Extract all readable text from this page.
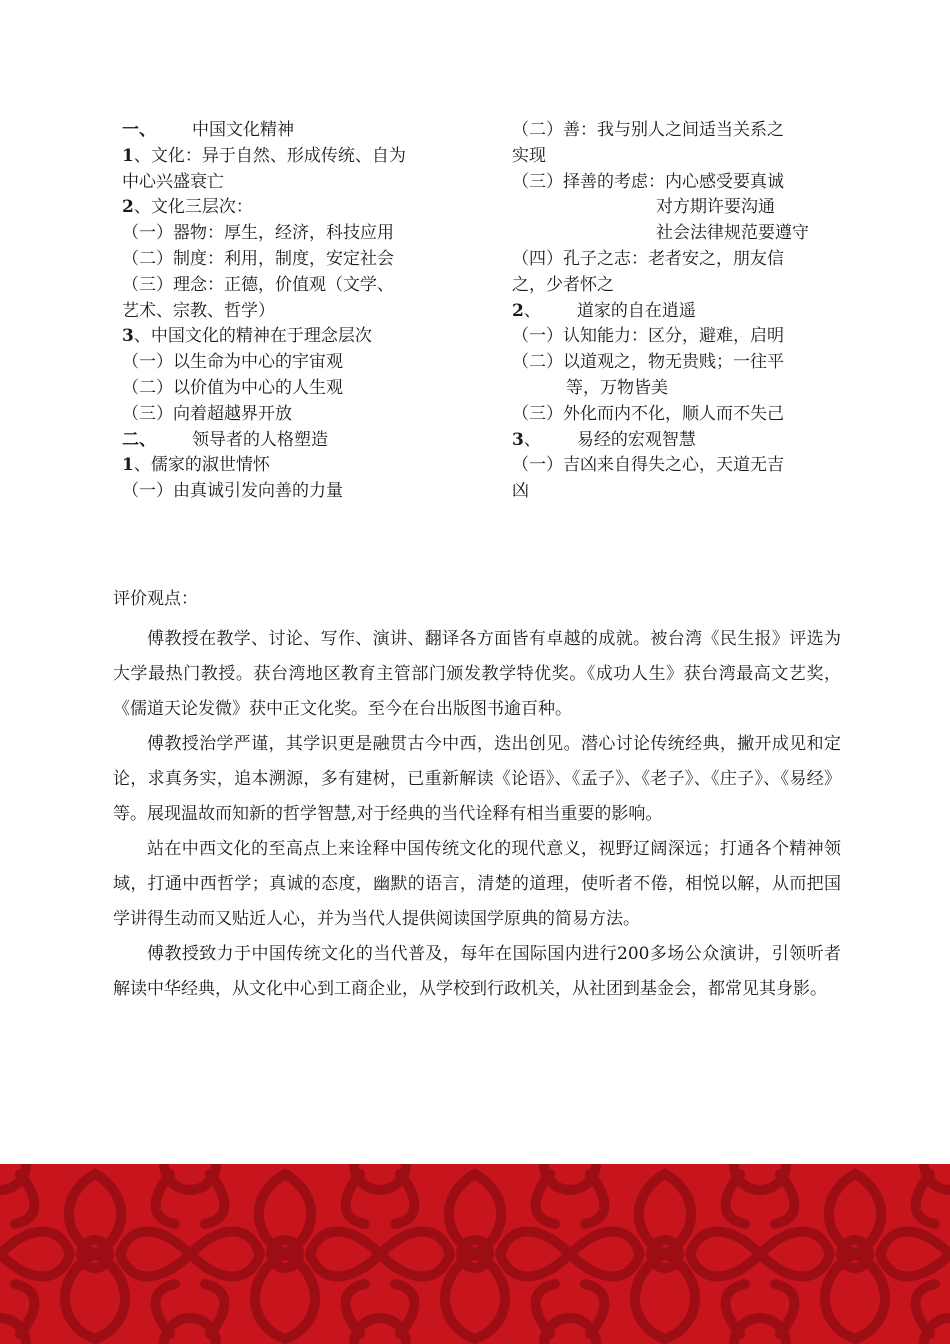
一、 中国文化精神
1、文化：异于自然、形成传统、自为
中心兴盛衰亡
2、文化三层次：
（一）器物：厚生，经济，科技应用
（二）制度：利用，制度，安定社会
（三）理念：正德，价值观（文学、
艺术、宗教、哲学）
3、中国文化的精神在于理念层次
（一）以生命为中心的宇宙观
（二）以价值为中心的人生观
（三）向着超越界开放
二、 领导者的人格塑造
1、儒家的淑世情怀
（一）由真诚引发向善的力量
（二）善：我与别人之间适当关系之
实现
（三）择善的考虑：内心感受要真诚
对方期许要沟通
社会法律规范要遵守
（四）孔子之志：老者安之，朋友信
之，少者怀之
2、 道家的自在逍遥
（一）认知能力：区分，避难，启明
（二）以道观之，物无贵贱；一往平
等，万物皆美
（三）外化而内不化，顺人而不失己
3、 易经的宏观智慧
（一）吉凶来自得失之心，天道无吉
凶
评价观点：

傅教授在教学、讨论、写作、演讲、翻译各方面皆有卓越的成就。被台湾《民生报》评选为大学最热门教授。获台湾地区教育主管部门颁发教学特优奖。《成功人生》获台湾最高文艺奖，《儒道天论发微》获中正文化奖。至今在台出版图书逾百种。

傅教授治学严谨，其学识更是融贯古今中西，迭出创见。潜心讨论传统经典，撇开成见和定论，求真务实，追本溯源，多有建树，已重新解读《论语》、《孟子》、《老子》、《庄子》、《易经》等。展现温故而知新的哲学智慧,对于经典的当代诠释有相当重要的影响。

站在中西文化的至高点上来诠释中国传统文化的现代意义，视野辽阔深远；打通各个精神领域，打通中西哲学；真诚的态度，幽默的语言，清楚的道理，使听者不倦，相悦以解，从而把国学讲得生动而又贴近人心，并为当代人提供阅读国学原典的简易方法。

傅教授致力于中国传统文化的当代普及，每年在国际国内进行200多场公众演讲，引领听者解读中华经典，从文化中心到工商企业，从学校到行政机关，从社团到基金会，都常见其身影。
